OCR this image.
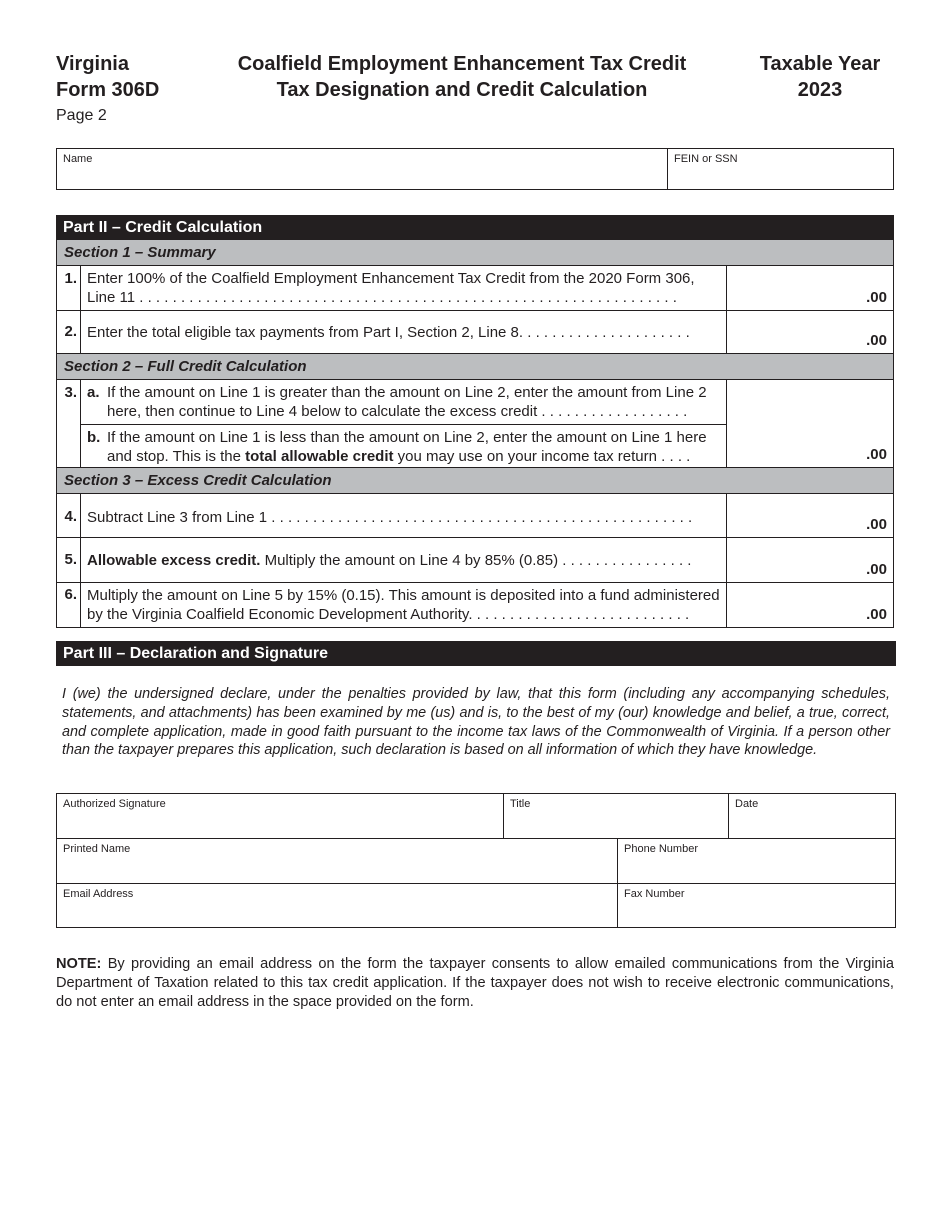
Virginia
Form 306D
Coalfield Employment Enhancement Tax Credit
Tax Designation and Credit Calculation
Taxable Year
2023
Page 2
Name	FEIN or SSN
Part II – Credit Calculation
Section 1 – Summary
1. Enter 100% of the Coalfield Employment Enhancement Tax Credit from the 2020 Form 306,
Line 11 . . . . . . . . . . . . . . . . . . . . . . . . . . . . . . . . . . . . . . . . . . . . . . . . . . . . . . . . . . . . . . . . .	.00
2. Enter the total eligible tax payments from Part I, Section 2, Line 8. . . . . . . . . . . . . . . . . . . . .	.00
Section 2 – Full Credit Calculation
3. a. If the amount on Line 1 is greater than the amount on Line 2, enter the amount from Line 2
here, then continue to Line 4 below to calculate the excess credit . . . . . . . . . . . . . . . . . .
b. If the amount on Line 1 is less than the amount on Line 2, enter the amount on Line 1 here
and stop. This is the total allowable credit you may use on your income tax return . . . .	.00
Section 3 – Excess Credit Calculation
4. Subtract Line 3 from Line 1 . . . . . . . . . . . . . . . . . . . . . . . . . . . . . . . . . . . . . . . . . . . . . . . . . . .	.00
5. Allowable excess credit. Multiply the amount on Line 4 by 85% (0.85) . . . . . . . . . . . . . . . .
.00
6. Multiply the amount on Line 5 by 15% (0.15). This amount is deposited into a fund administered
by the Virginia Coalfield Economic Development Authority. . . . . . . . . . . . . . . . . . . . . . . . . . .	.00
Part III – Declaration and Signature
I (we) the undersigned declare, under the penalties provided by law, that this form (including any accompanying schedules, statements, and attachments) has been examined by me (us) and is, to the best of my (our) knowledge and belief, a true, correct, and complete application, made in good faith pursuant to the income tax laws of the Commonwealth of Virginia. If a person other than the taxpayer prepares this application, such declaration is based on all information of which they have knowledge.
Authorized Signature	Title	Date
Printed Name	Phone Number
Email Address	Fax Number
NOTE: By providing an email address on the form the taxpayer consents to allow emailed communications from the Virginia Department of Taxation related to this tax credit application. If the taxpayer does not wish to receive electronic communications, do not enter an email address in the space provided on the form.
